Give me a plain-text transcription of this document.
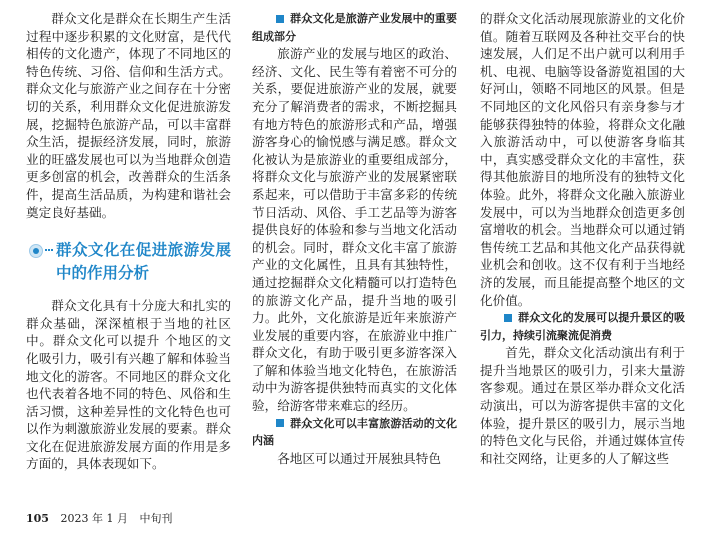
群众文化是群众在长期生产生活过程中逐步积累的文化财富，是代代相传的文化遗产，体现了不同地区的特色传统、习俗、信仰和生活方式。群众文化与旅游产业之间存在十分密切的关系，利用群众文化促进旅游发展，挖掘特色旅游产品，可以丰富群众生活，提振经济发展，同时，旅游业的旺盛发展也可以为当地群众创造更多创富的机会，改善群众的生活条件，提高生活品质，为构建和谐社会奠定良好基础。

群众文化在促进旅游发展中的作用分析

群众文化具有十分庞大和扎实的群众基础，深深植根于当地的社区中。群众文化可以提升 个地区的文化吸引力，吸引有兴趣了解和体验当地文化的游客。不同地区的群众文化也代表着各地不同的特色、风俗和生活习惯，这种差异性的文化特色也可以作为刺激旅游业发展的要素。群众文化在促进旅游发展方面的作用是多方面的，具体表现如下。

群众文化是旅游产业发展中的重要组成部分

旅游产业的发展与地区的政治、经济、文化、民生等有着密不可分的关系，要促进旅游产业的发展，就要充分了解消费者的需求，不断挖掘具有地方特色的旅游形式和产品，增强游客身心的愉悦感与满足感。群众文化被认为是旅游业的重要组成部分，将群众文化与旅游产业的发展紧密联系起来，可以借助于丰富多彩的传统节日活动、风俗、手工艺品等为游客提供良好的体验和参与当地文化活动的机会。同时，群众文化丰富了旅游产业的文化属性，且具有其独特性，通过挖掘群众文化精髓可以打造特色的旅游文化产品，提升当地的吸引力。此外，文化旅游是近年来旅游产业发展的重要内容，在旅游业中推广群众文化，有助于吸引更多游客深入了解和体验当地文化特色，在旅游活动中为游客提供独特而真实的文化体验，给游客带来难忘的经历。

群众文化可以丰富旅游活动的文化内涵

各地区可以通过开展独具特色

的群众文化活动展现旅游业的文化价值。随着互联网及各种社交平台的快速发展，人们足不出户就可以利用手机、电视、电脑等设备游览祖国的大好河山，领略不同地区的风景。但是不同地区的文化风俗只有亲身参与才能够获得独特的体验，将群众文化融入旅游活动中，可以使游客身临其中，真实感受群众文化的丰富性，获得其他旅游目的地所没有的独特文化体验。此外，将群众文化融入旅游业发展中，可以为当地群众创造更多创富增收的机会。当地群众可以通过销售传统工艺品和其他文化产品获得就业机会和创收。这不仅有利于当地经济的发展，而且能提高整个地区的文化价值。

群众文化的发展可以提升景区的吸引力，持续引流聚流促消费

首先，群众文化活动演出有利于提升当地景区的吸引力，引来大量游客参观。通过在景区举办群众文化活动演出，可以为游客提供丰富的文化体验，提升景区的吸引力，展示当地的特色文化与民俗，并通过媒体宣传和社交网络，让更多的人了解这些

105 2023 年 1 月 中旬刊
